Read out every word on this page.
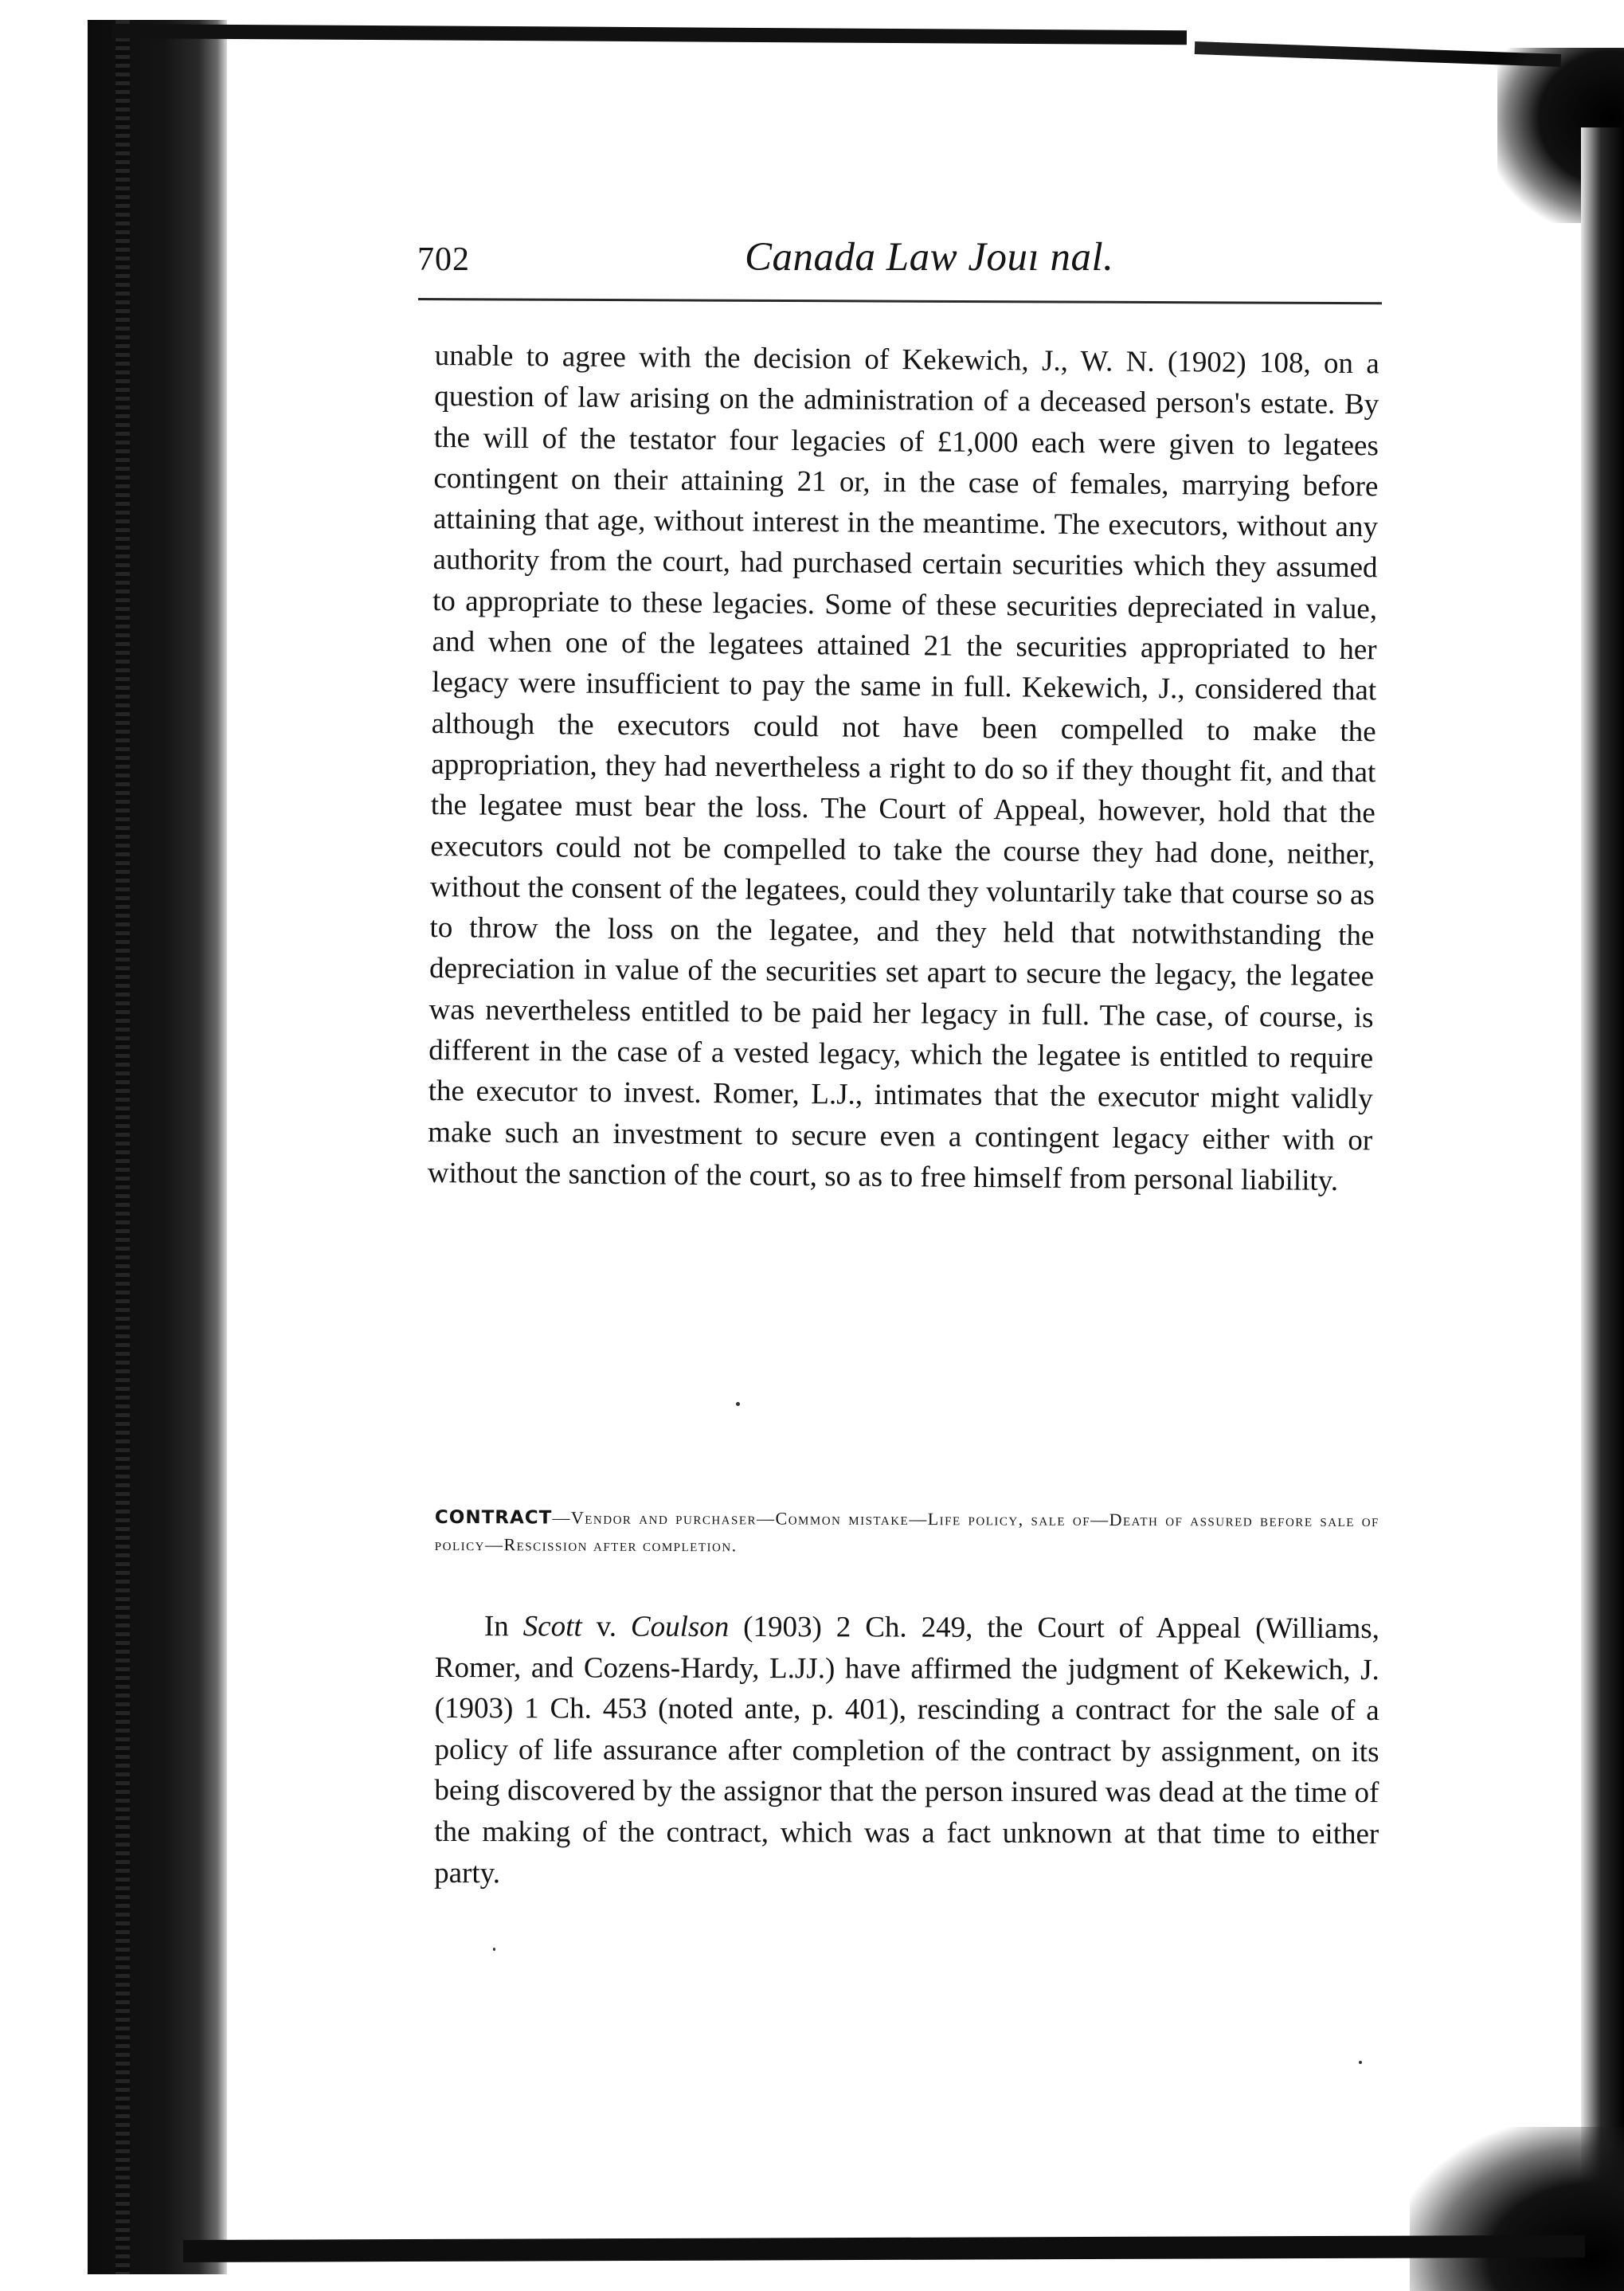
702	Canada Law Jouı nal.
unable to agree with the decision of Kekewich, J., W. N. (1902) 108, on a question of law arising on the administration of a deceased person's estate. By the will of the testator four legacies of £1,000 each were given to legatees contingent on their attaining 21 or, in the case of females, marrying before attaining that age, without interest in the meantime. The executors, without any authority from the court, had purchased certain securities which they assumed to appropriate to these legacies. Some of these securities depreciated in value, and when one of the legatees attained 21 the securities appropriated to her legacy were insufficient to pay the same in full. Kekewich, J., considered that although the executors could not have been compelled to make the appropriation, they had nevertheless a right to do so if they thought fit, and that the legatee must bear the loss. The Court of Appeal, however, hold that the executors could not be compelled to take the course they had done, neither, without the consent of the legatees, could they voluntarily take that course so as to throw the loss on the legatee, and they held that notwithstanding the depreciation in value of the securities set apart to secure the legacy, the legatee was nevertheless entitled to be paid her legacy in full. The case, of course, is different in the case of a vested legacy, which the legatee is entitled to require the executor to invest. Romer, L.J., intimates that the executor might validly make such an investment to secure even a contingent legacy either with or without the sanction of the court, so as to free himself from personal liability.
CONTRACT—Vendor and purchaser—Common mistake—Life policy, sale of—Death of assured before sale of policy—Rescission after completion.
In Scott v. Coulson (1903) 2 Ch. 249, the Court of Appeal (Williams, Romer, and Cozens-Hardy, L.JJ.) have affirmed the judgment of Kekewich, J. (1903) 1 Ch. 453 (noted ante, p. 401), rescinding a contract for the sale of a policy of life assurance after completion of the contract by assignment, on its being discovered by the assignor that the person insured was dead at the time of the making of the contract, which was a fact unknown at that time to either party.
